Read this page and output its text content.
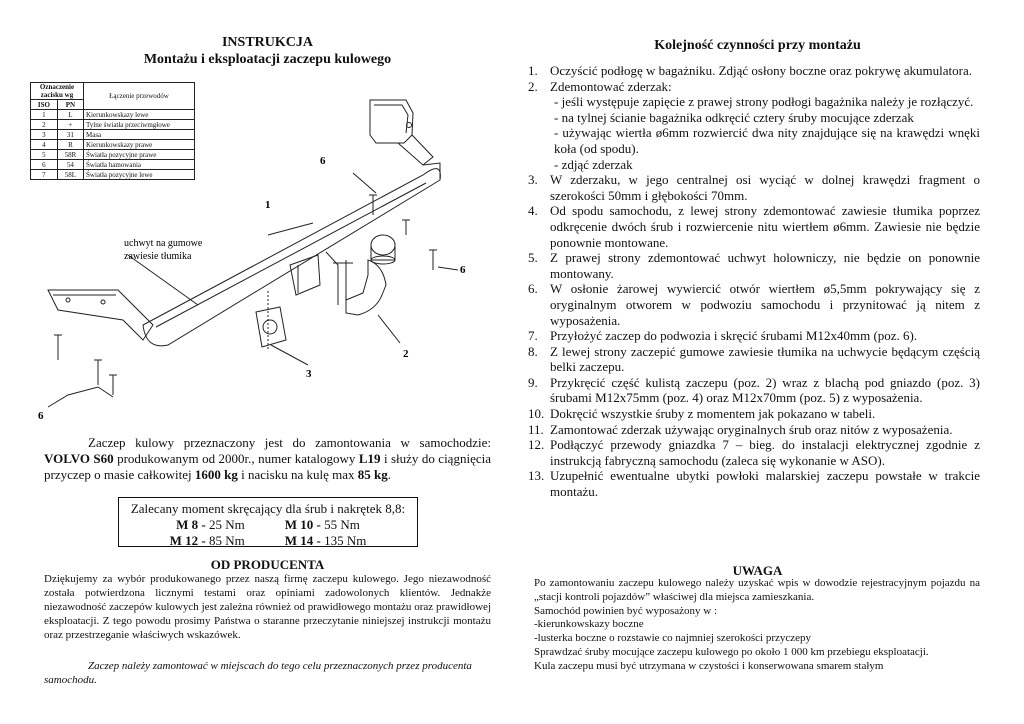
INSTRUKCJA
Montażu i eksploatacji zaczepu kulowego
Oznaczenie zacisku wg		Łączenie przewodów
ISO	PN	
1	L	Kierunkowskazy lewe
2	+	Tylne światła przeciwmgłowe
3	31	Masa
4	R	Kierunkowskazy prawe
5	58R	Światła pozycyjne prawe
6	54	Światła hamowania
7	58L	Światła pozycyjne lewe
1
2
3
6
6
6
uchwyt na gumowe
zawiesie tłumika
Zaczep kulowy przeznaczony jest do zamontowania w samochodzie: VOLVO S60 produkowanym od 2000r., numer katalogowy L19 i służy do ciągnięcia przyczep o masie całkowitej 1600 kg i nacisku na kulę max 85 kg.
Zalecany moment skręcający dla śrub i nakrętek 8,8:
M 8 - 25 Nm	M 10 - 55 Nm
M 12 - 85 Nm	M 14 - 135 Nm
OD PRODUCENTA
Dziękujemy za wybór produkowanego przez naszą firmę zaczepu kulowego. Jego niezawodność została potwierdzona licznymi testami oraz opiniami zadowolonych klientów. Jednakże niezawodność zaczepów kulowych jest zależna również od prawidłowego montażu oraz prawidłowej eksploatacji. Z tego powodu prosimy Państwa o staranne przeczytanie niniejszej instrukcji montażu oraz przestrzeganie właściwych wskazówek.
Zaczep należy zamontować w miejscach do tego celu przeznaczonych przez producenta samochodu.
Kolejność czynności przy montażu
1. Oczyścić podłogę w bagażniku. Zdjąć osłony boczne oraz pokrywę akumulatora.
2. Zdemontować zderzak:
- jeśli występuje zapięcie z prawej strony podłogi bagażnika należy je rozłączyć.
- na tylnej ścianie bagażnika odkręcić cztery śruby mocujące zderzak
- używając wiertła ø6mm rozwiercić dwa nity znajdujące się na krawędzi wnęki koła (od spodu).
- zdjąć zderzak
3. W zderzaku, w jego centralnej osi wyciąć w dolnej krawędzi fragment o szerokości 50mm i głębokości 70mm.
4. Od spodu samochodu, z lewej strony zdemontować zawiesie tłumika poprzez odkręcenie dwóch śrub i rozwiercenie nitu wiertłem ø6mm. Zawiesie nie będzie ponownie montowane.
5. Z prawej strony zdemontować uchwyt holowniczy, nie będzie on ponownie montowany.
6. W osłonie żarowej wywiercić otwór wiertłem ø5,5mm pokrywający się z oryginalnym otworem w podwoziu samochodu i przynitować ją nitem z wyposażenia.
7. Przyłożyć zaczep do podwozia i skręcić śrubami M12x40mm (poz. 6).
8. Z lewej strony zaczepić gumowe zawiesie tłumika na uchwycie będącym częścią belki zaczepu.
9. Przykręcić część kulistą zaczepu (poz. 2) wraz z blachą pod gniazdo (poz. 3) śrubami M12x75mm (poz. 4) oraz M12x70mm (poz. 5) z wyposażenia.
10. Dokręcić wszystkie śruby z momentem jak pokazano w tabeli.
11. Zamontować zderzak używając oryginalnych śrub oraz nitów z wyposażenia.
12. Podłączyć przewody gniazdka 7 – bieg. do instalacji elektrycznej zgodnie z instrukcją fabryczną samochodu (zaleca się wykonanie w ASO).
13. Uzupełnić ewentualne ubytki powłoki malarskiej zaczepu powstałe w trakcie montażu.
UWAGA
Po zamontowaniu zaczepu kulowego należy uzyskać wpis w dowodzie rejestracyjnym pojazdu na „stacji kontroli pojazdów” właściwej dla miejsca zamieszkania.
Samochód powinien być wyposażony w :
-kierunkowskazy boczne
-lusterka boczne o rozstawie co najmniej szerokości przyczepy
Sprawdzać śruby mocujące zaczepu kulowego po około 1 000 km przebiegu eksploatacji.
Kula zaczepu musi być utrzymana w czystości i konserwowana smarem stałym
